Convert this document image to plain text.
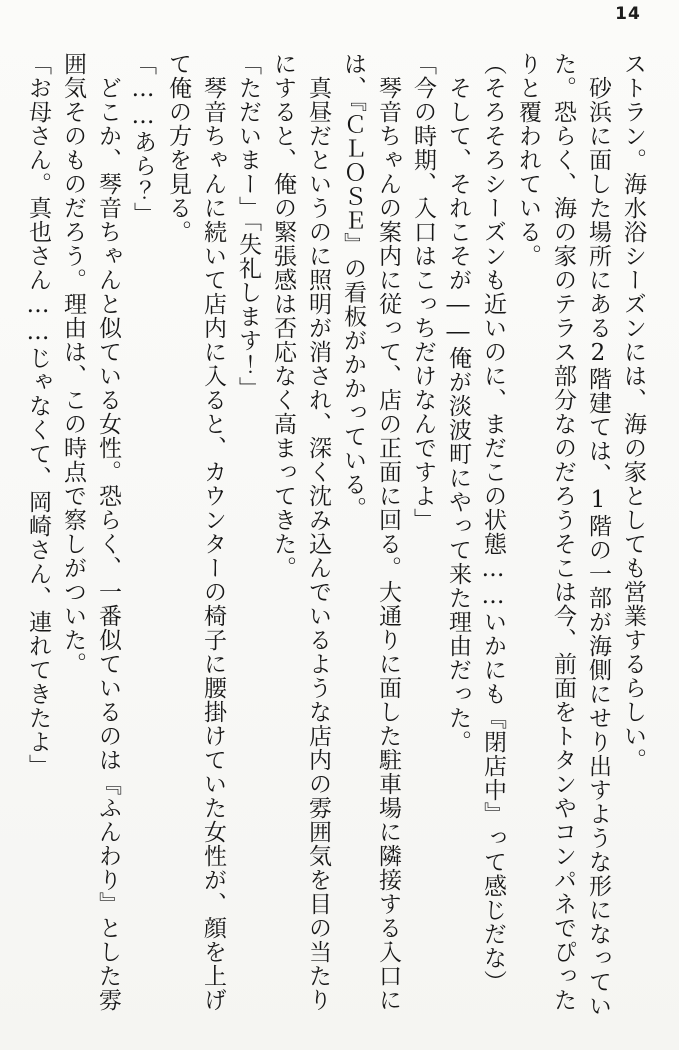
14
ストラン。海水浴シーズンには、海の家としても営業するらしい。
　砂浜に面した場所にある2階建ては、1階の一部が海側にせり出すような形になってい
た。恐らく、海の家のテラス部分なのだろうそこは今、前面をトタンやコンパネでぴった
りと覆われている。
（そろそろシーズンも近いのに、まだこの状態……いかにも『閉店中』って感じだな）
　そして、それこそが――俺が淡波町にやって来た理由だった。
「今の時期、入口はこっちだけなんですよ」
　琴音ちゃんの案内に従って、店の正面に回る。大通りに面した駐車場に隣接する入口に
は、『ＣＬＯＳＥ』の看板がかかっている。
　真昼だというのに照明が消され、深く沈み込んでいるような店内の雰囲気を目の当たり
にすると、俺の緊張感は否応なく高まってきた。
「ただいまー」「失礼します！」
　琴音ちゃんに続いて店内に入ると、カウンターの椅子に腰掛けていた女性が、顔を上げ
て俺の方を見る。
「……あら？」
　どこか、琴音ちゃんと似ている女性。恐らく、一番似ているのは『ふんわり』とした雰
囲気そのものだろう。理由は、この時点で察しがついた。
「お母さん。真也さん……じゃなくて、岡崎さん、連れてきたよ」
